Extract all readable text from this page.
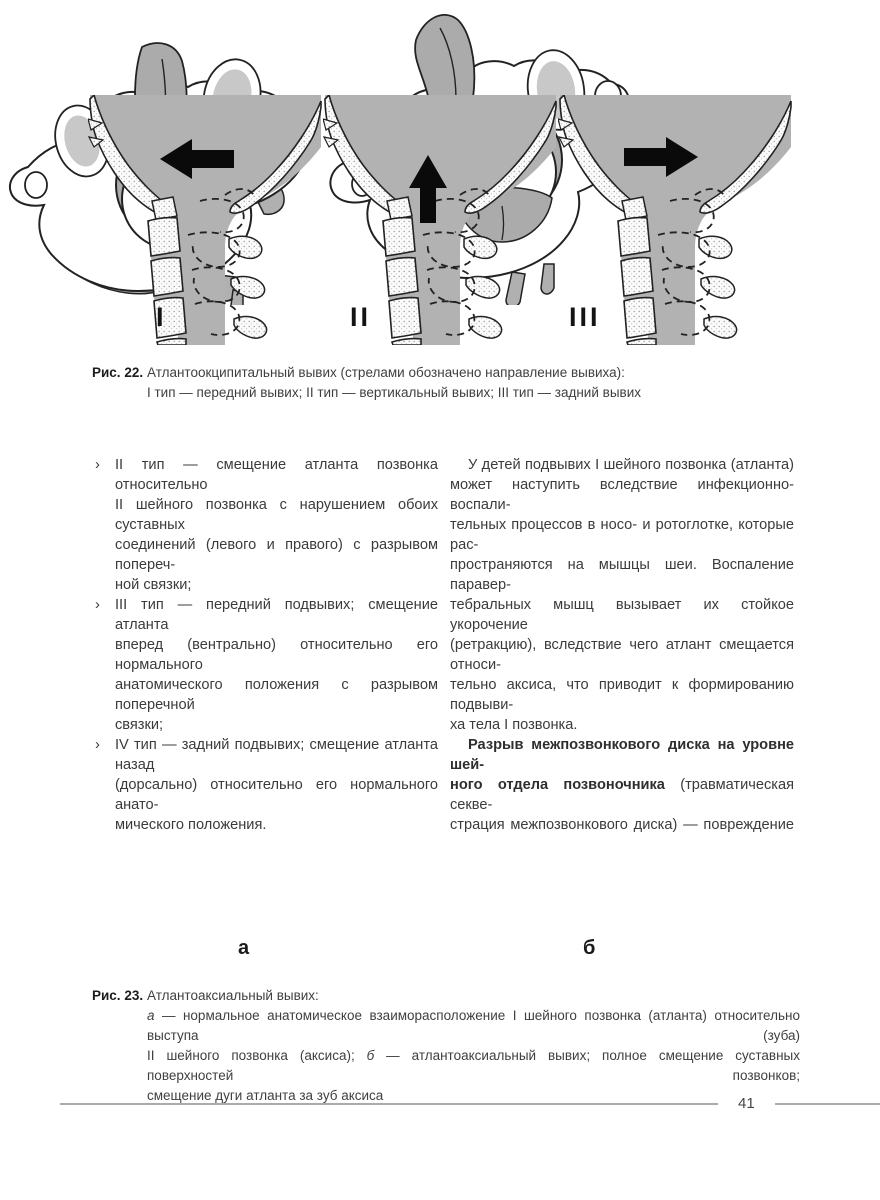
I	II	III
Рис. 22. Атлантоокципитальный вывих (стрелами обозначено направление вывиха):
I тип — передний вывих; II тип — вертикальный вывих; III тип — задний вывих
› II тип — смещение атланта позвонка относительно
II шейного позвонка с нарушением обоих суставных
соединений (левого и правого) с разрывом попереч-
ной связки;
› III тип — передний подвывих; смещение атланта
вперед (вентрально) относительно его нормального
анатомического положения с разрывом поперечной
связки;
› IV тип — задний подвывих; смещение атланта назад
(дорсально) относительно его нормального анато-
мического положения.
У детей подвывих I шейного позвонка (атланта)
может наступить вследствие инфекционно-воспали-
тельных процессов в носо- и ротоглотке, которые рас-
пространяются на мышцы шеи. Воспаление паравер-
тебральных мышц вызывает их стойкое укорочение
(ретракцию), вследствие чего атлант смещается относи-
тельно аксиса, что приводит к формированию подвыви-
ха тела I позвонка.
Разрыв межпозвонкового диска на уровне шей-
ного отдела позвоночника (травматическая секве-
страция межпозвонкового диска) — повреждение

а	б
Рис. 23. Атлантоаксиальный вывих:
а — нормальное анатомическое взаиморасположение I шейного позвонка (атланта) относительно выступа (зуба)
II шейного позвонка (аксиса); б — атлантоаксиальный вывих; полное смещение суставных поверхностей позвонков;
смещение дуги атланта за зуб аксиса	41
